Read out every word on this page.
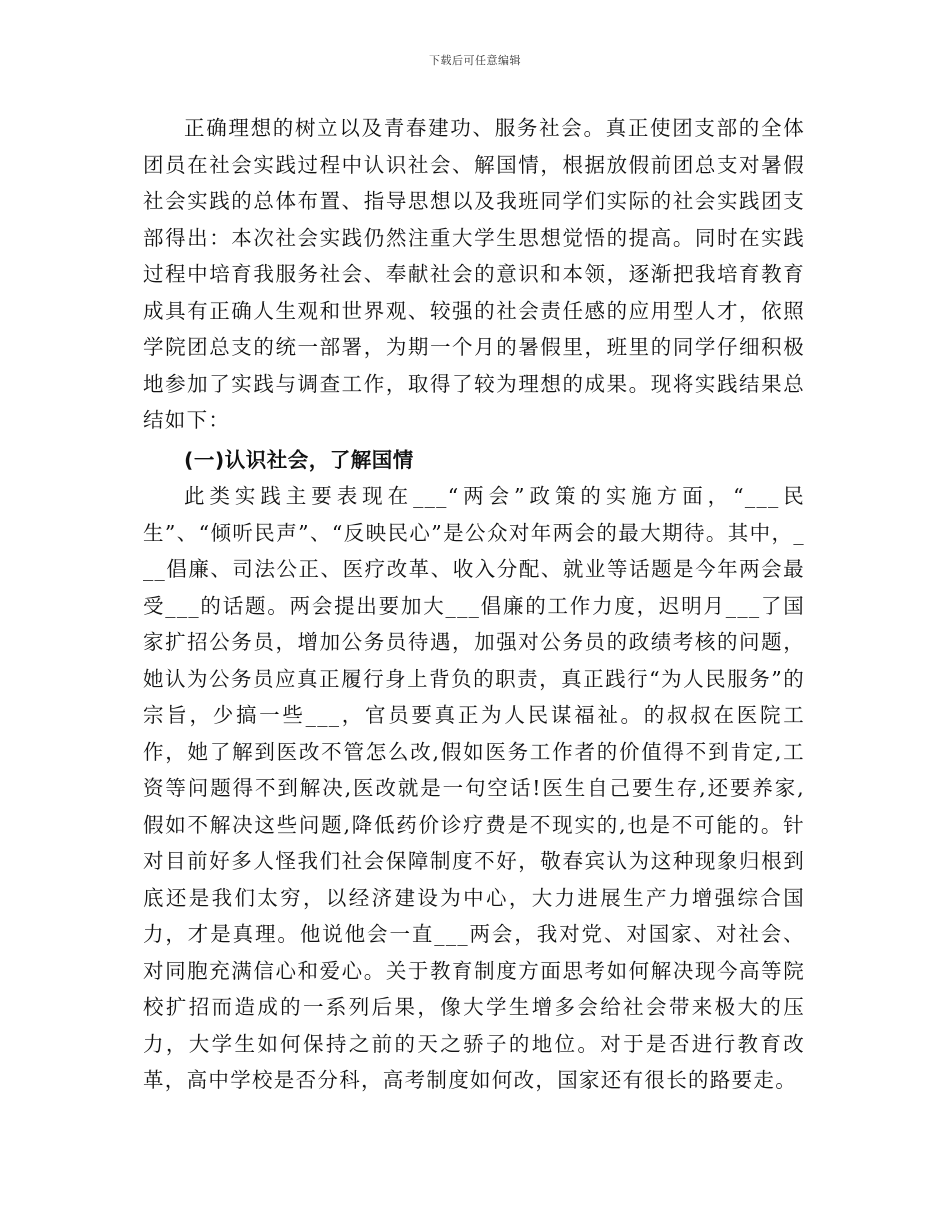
下载后可任意编辑

正确理想的树立以及青春建功、服务社会。真正使团支部的全体团员在社会实践过程中认识社会、解国情，根据放假前团总支对暑假社会实践的总体布置、指导思想以及我班同学们实际的社会实践团支部得出：本次社会实践仍然注重大学生思想觉悟的提高。同时在实践过程中培育我服务社会、奉献社会的意识和本领，逐渐把我培育教育成具有正确人生观和世界观、较强的社会责任感的应用型人才，依照学院团总支的统一部署，为期一个月的暑假里，班里的同学仔细积极地参加了实践与调查工作，取得了较为理想的成果。现将实践结果总结如下：

(一)认识社会，了解国情

此类实践主要表现在___“两会”政策的实施方面，“___民生”、“倾听民声”、“反映民心”是公众对年两会的最大期待。其中，___倡廉、司法公正、医疗改革、收入分配、就业等话题是今年两会最受___的话题。两会提出要加大___倡廉的工作力度，迟明月___了国家扩招公务员，增加公务员待遇，加强对公务员的政绩考核的问题，她认为公务员应真正履行身上背负的职责，真正践行“为人民服务”的宗旨，少搞一些___，官员要真正为人民谋福祉。的叔叔在医院工作，她了解到医改不管怎么改,假如医务工作者的价值得不到肯定,工资等问题得不到解决,医改就是一句空话!医生自己要生存,还要养家,假如不解决这些问题,降低药价诊疗费是不现实的,也是不可能的。针对目前好多人怪我们社会保障制度不好，敬春宾认为这种现象归根到底还是我们太穷，以经济建设为中心，大力进展生产力增强综合国力，才是真理。他说他会一直___两会，我对党、对国家、对社会、对同胞充满信心和爱心。关于教育制度方面思考如何解决现今高等院校扩招而造成的一系列后果，像大学生增多会给社会带来极大的压力，大学生如何保持之前的天之骄子的地位。对于是否进行教育改革，高中学校是否分科，高考制度如何改，国家还有很长的路要走。
